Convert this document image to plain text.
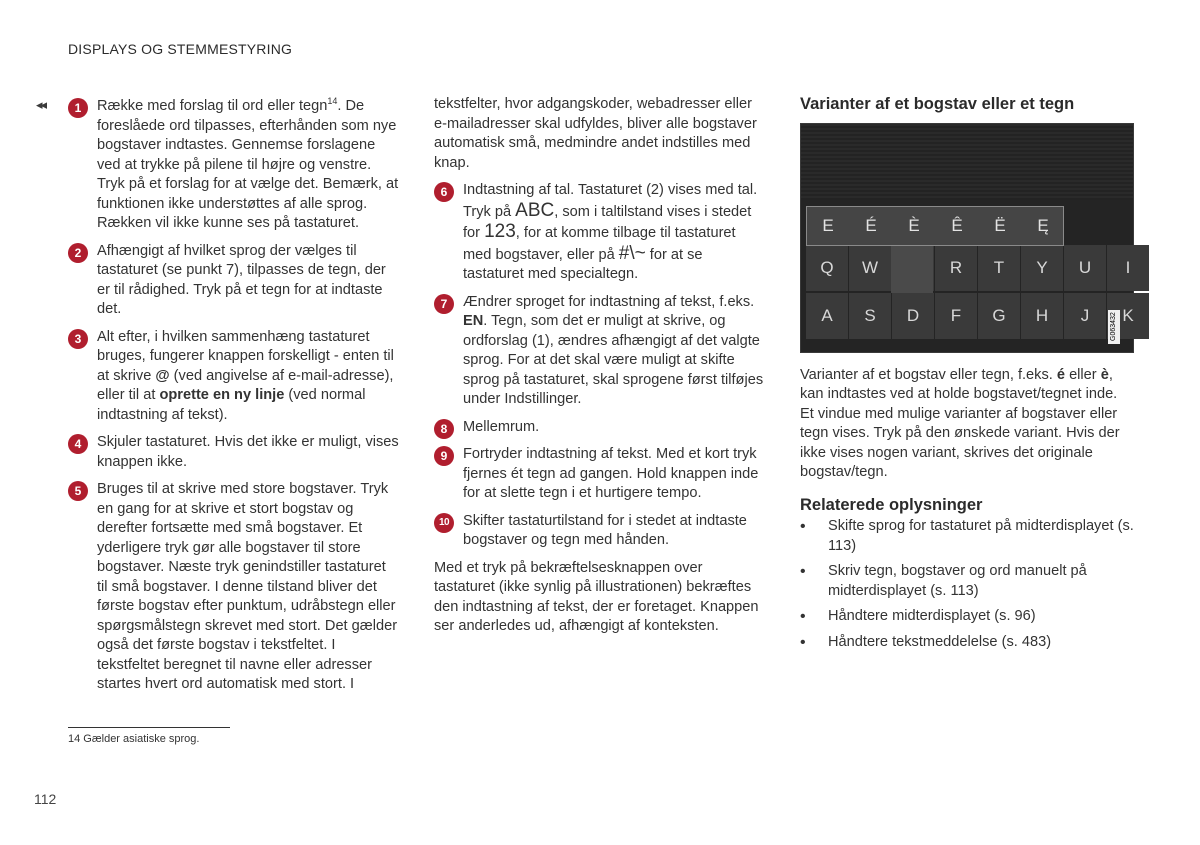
DISPLAYS OG STEMMESTYRING
◂◂	1	Række med forslag til ord eller tegn$^{14}$. De foreslåede ord tilpasses, efterhånden som nye bogstaver indtastes. Gennemse forslagene ved at trykke på pilene til højre og venstre. Tryk på et forslag for at vælge det. Bemærk, at funktionen ikke understøttes af alle sprog. Rækken vil ikke kunne ses på tastaturet.
2	Afhængigt af hvilket sprog der vælges til tastaturet (se punkt 7), tilpasses de tegn, der er til rådighed. Tryk på et tegn for at indtaste det.
3	Alt efter, i hvilken sammenhæng tastaturet bruges, fungerer knappen forskelligt - enten til at skrive @ (ved angivelse af e-mail-adresse), eller til at oprette en ny linje (ved normal indtastning af tekst).
4	Skjuler tastaturet. Hvis det ikke er muligt, vises knappen ikke.
5	Bruges til at skrive med store bogstaver. Tryk en gang for at skrive et stort bogstav og derefter fortsætte med små bogstaver. Et yderligere tryk gør alle bogstaver til store bogstaver. Næste tryk genindstiller tastaturet til små bogstaver. I denne tilstand bliver det første bogstav efter punktum, udråbstegn eller spørgsmålstegn skrevet med stort. Det gælder også det første bogstav i tekstfeltet. I tekstfeltet beregnet til navne eller adresser startes hvert ord automatisk med stort. I
tekstfelter, hvor adgangskoder, webadresser eller e-mailadresser skal udfyldes, bliver alle bogstaver automatisk små, medmindre andet indstilles med knap.
6	Indtastning af tal. Tastaturet (2) vises med tal. Tryk på ABC, som i taltilstand vises i stedet for 123, for at komme tilbage til tastaturet med bogstaver, eller på #\~ for at se tastaturet med specialtegn.
7	Ændrer sproget for indtastning af tekst, f.eks. EN. Tegn, som det er muligt at skrive, og ordforslag (1), ændres afhængigt af det valgte sprog. For at det skal være muligt at skifte sprog på tastaturet, skal sprogene først tilføjes under Indstillinger.
8	Mellemrum.
9	Fortryder indtastning af tekst. Med et kort tryk fjernes ét tegn ad gangen. Hold knappen inde for at slette tegn i et hurtigere tempo.
10 Skifter tastaturtilstand for i stedet at indtaste bogstaver og tegn med hånden.
Med et tryk på bekræftelsesknappen over tastaturet (ikke synlig på illustrationen) bekræftes den indtastning af tekst, der er foretaget. Knappen ser anderledes ud, afhængigt af konteksten.
Varianter af et bogstav eller et tegn
Q	W	R	T	Y	U	I
A	S	D	F	G	H	J	K
E	É	È	Ê	Ë	Ę
G063432
Varianter af et bogstav eller tegn, f.eks. é eller è, kan indtastes ved at holde bogstavet/tegnet inde. Et vindue med mulige varianter af bogstaver eller tegn vises. Tryk på den ønskede variant. Hvis der ikke vises nogen variant, skrives det originale bogstav/tegn.
Relaterede oplysninger
• Skifte sprog for tastaturet på midterdisplayet (s. 113)
• Skriv tegn, bogstaver og ord manuelt på midterdisplayet (s. 113)
• Håndtere midterdisplayet (s. 96)
• Håndtere tekstmeddelelse (s. 483)
14 Gælder asiatiske sprog.
112
